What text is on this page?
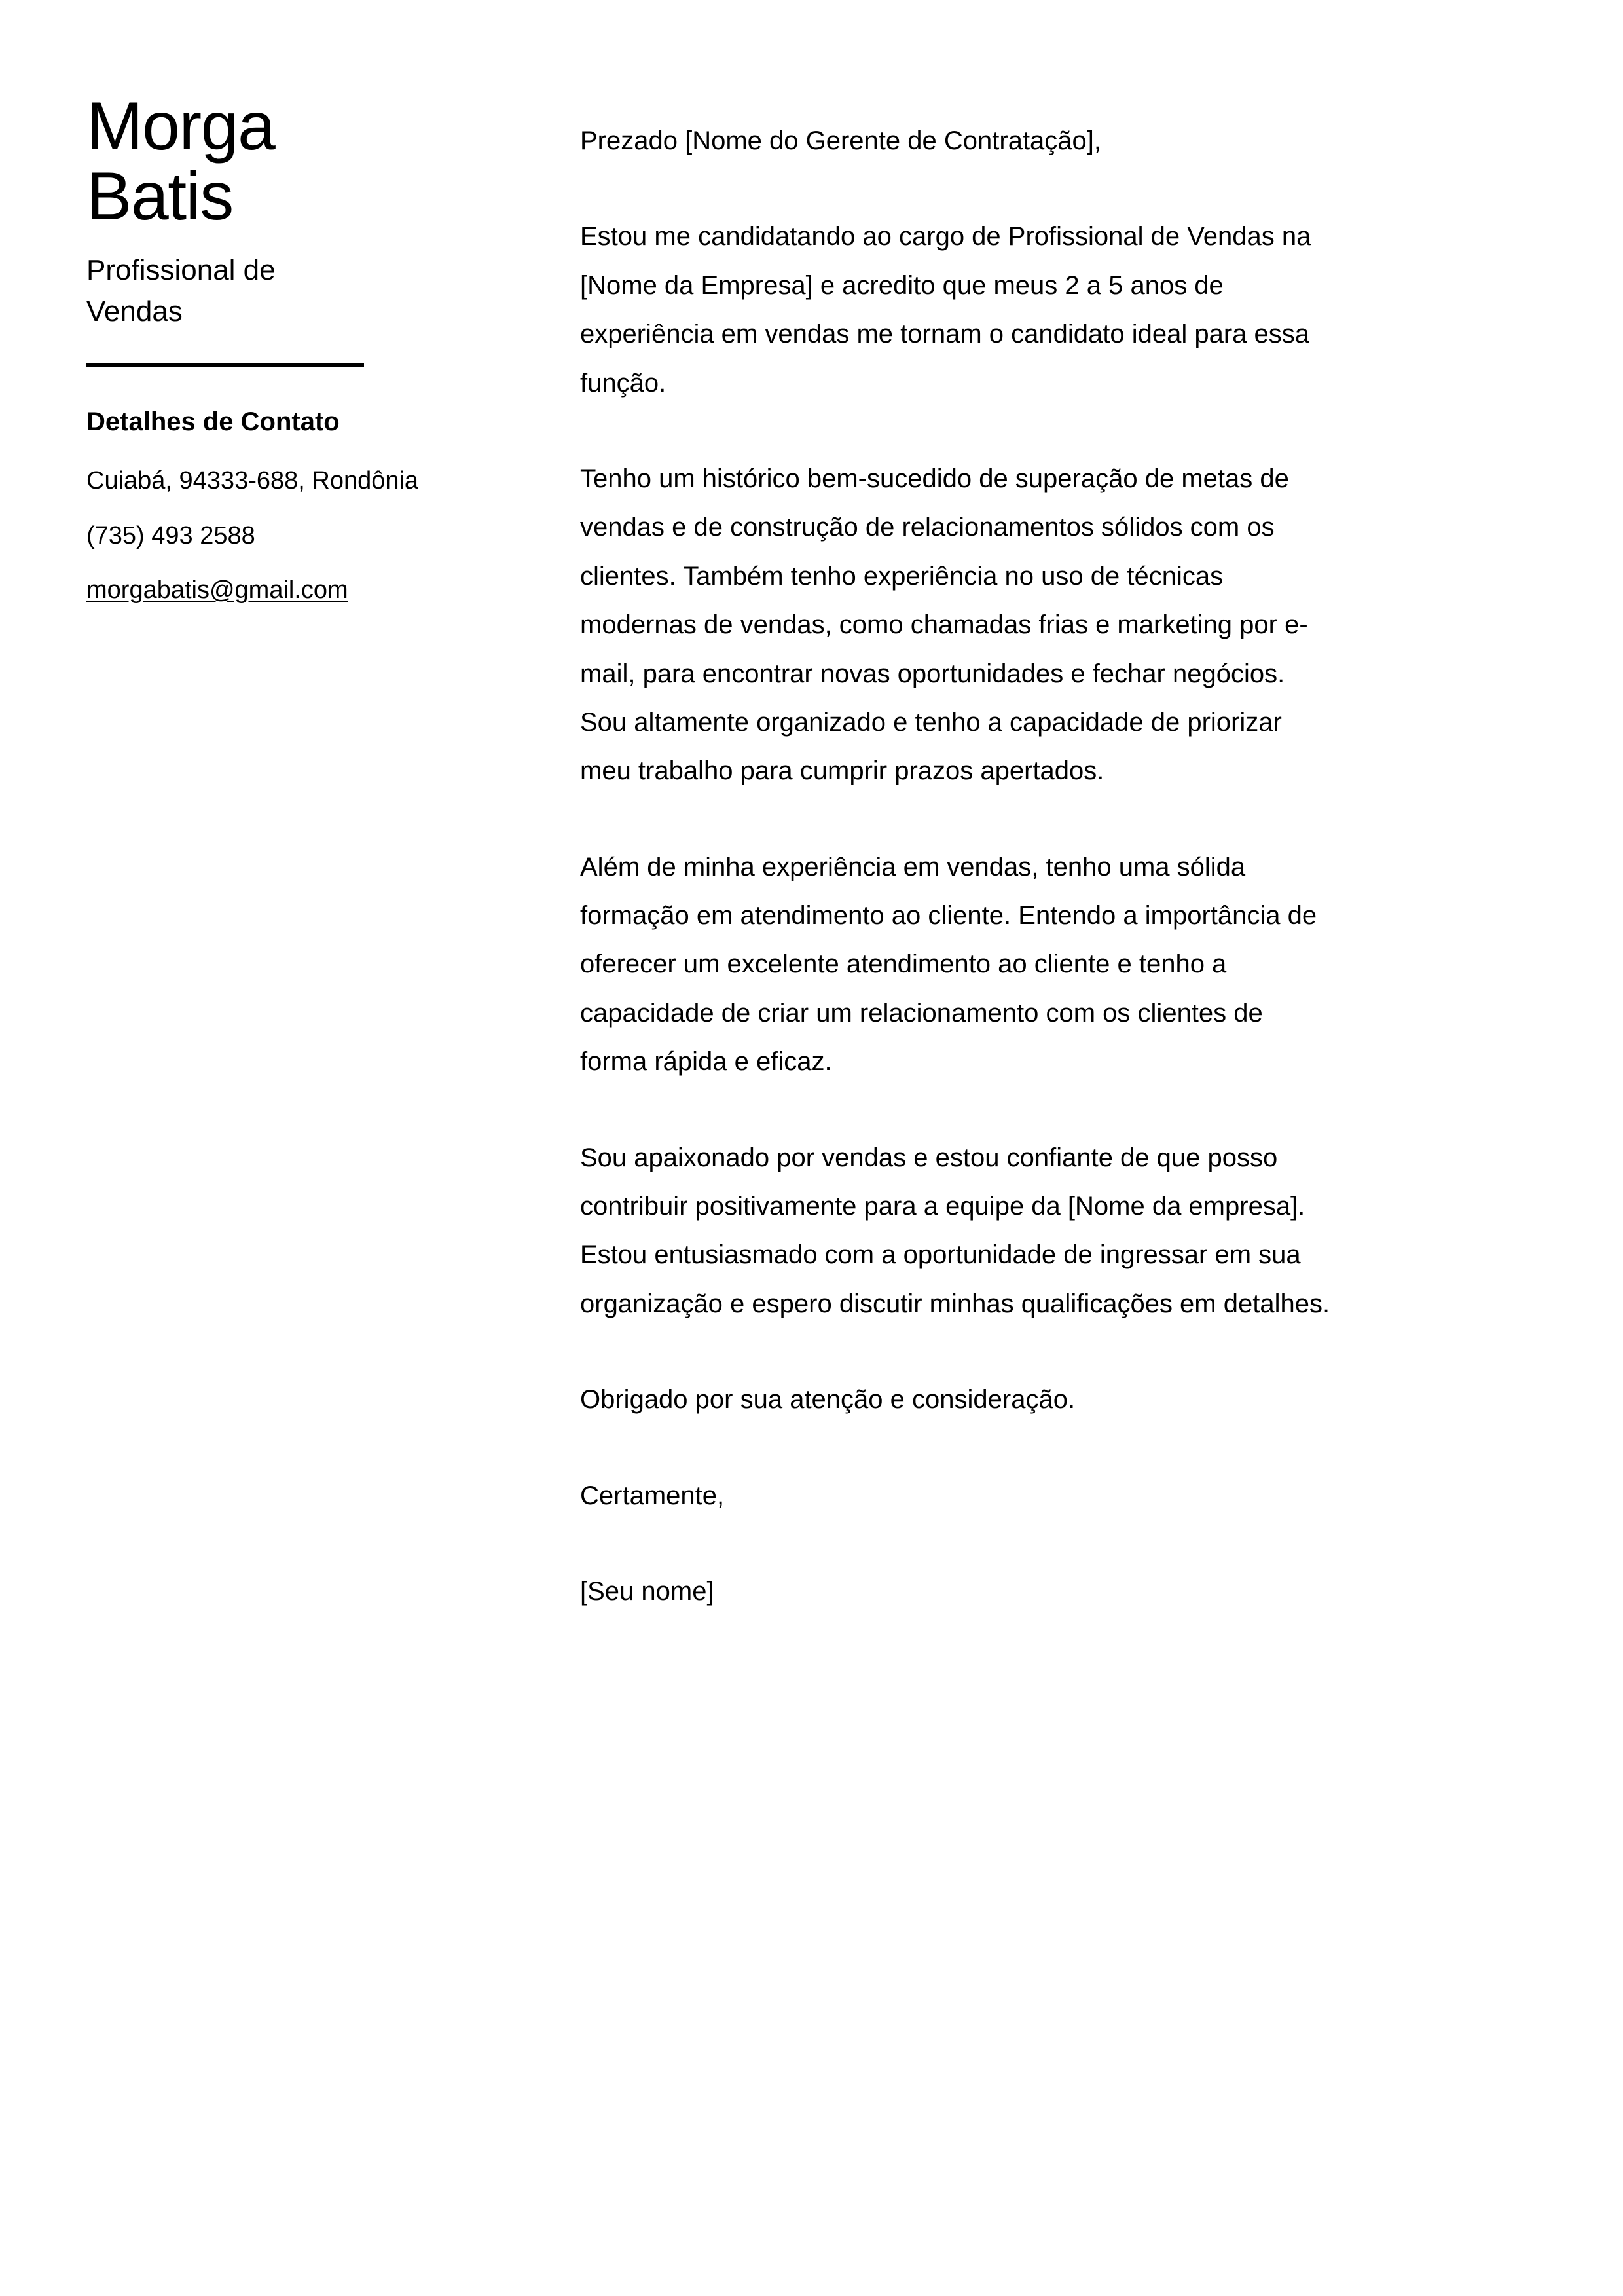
Morga
Batis
Profissional de Vendas
Detalhes de Contato
Cuiabá, 94333-688, Rondônia
(735) 493 2588
morgabatis@gmail.com

Prezado [Nome do Gerente de Contratação],

Estou me candidatando ao cargo de Profissional de Vendas na [Nome da Empresa] e acredito que meus 2 a 5 anos de experiência em vendas me tornam o candidato ideal para essa função.

Tenho um histórico bem-sucedido de superação de metas de vendas e de construção de relacionamentos sólidos com os clientes. Também tenho experiência no uso de técnicas modernas de vendas, como chamadas frias e marketing por e-mail, para encontrar novas oportunidades e fechar negócios. Sou altamente organizado e tenho a capacidade de priorizar meu trabalho para cumprir prazos apertados.

Além de minha experiência em vendas, tenho uma sólida formação em atendimento ao cliente. Entendo a importância de oferecer um excelente atendimento ao cliente e tenho a capacidade de criar um relacionamento com os clientes de forma rápida e eficaz.

Sou apaixonado por vendas e estou confiante de que posso contribuir positivamente para a equipe da [Nome da empresa]. Estou entusiasmado com a oportunidade de ingressar em sua organização e espero discutir minhas qualificações em detalhes.

Obrigado por sua atenção e consideração.

Certamente,

[Seu nome]
